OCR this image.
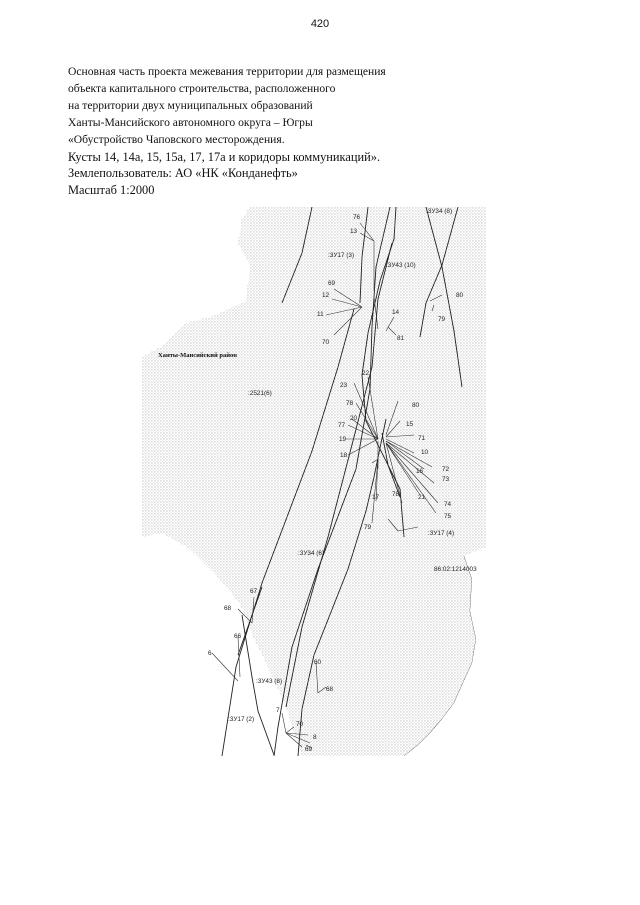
420
Основная часть проекта межевания территории для размещения
объекта капитального строительства, расположенного
на территории двух муниципальных образований
Ханты-Мансийского автономного округа – Югры
«Обустройство Чаповского месторождения.
Кусты 14, 14а, 15, 15а, 17, 17а и коридоры коммуникаций».
Землепользователь: АО «НК «Конданефть»
Масштаб 1:2000
:2521(6)
:3У34 (8)
:3У43 (10)
:3У17 (3)
:3У17 (4)
:3У34 (6)
86:02:1214003
:3У43 (8)
:3У17 (2)
Ханты-Мансийский район
76
13
69
12
11
70
14
81
80
79
22
23
78
20
77
19
18
80
15
71
10
16	72
73
17 78	21
74
75
79
67
68
66
6
60
68
7
70
8
69
